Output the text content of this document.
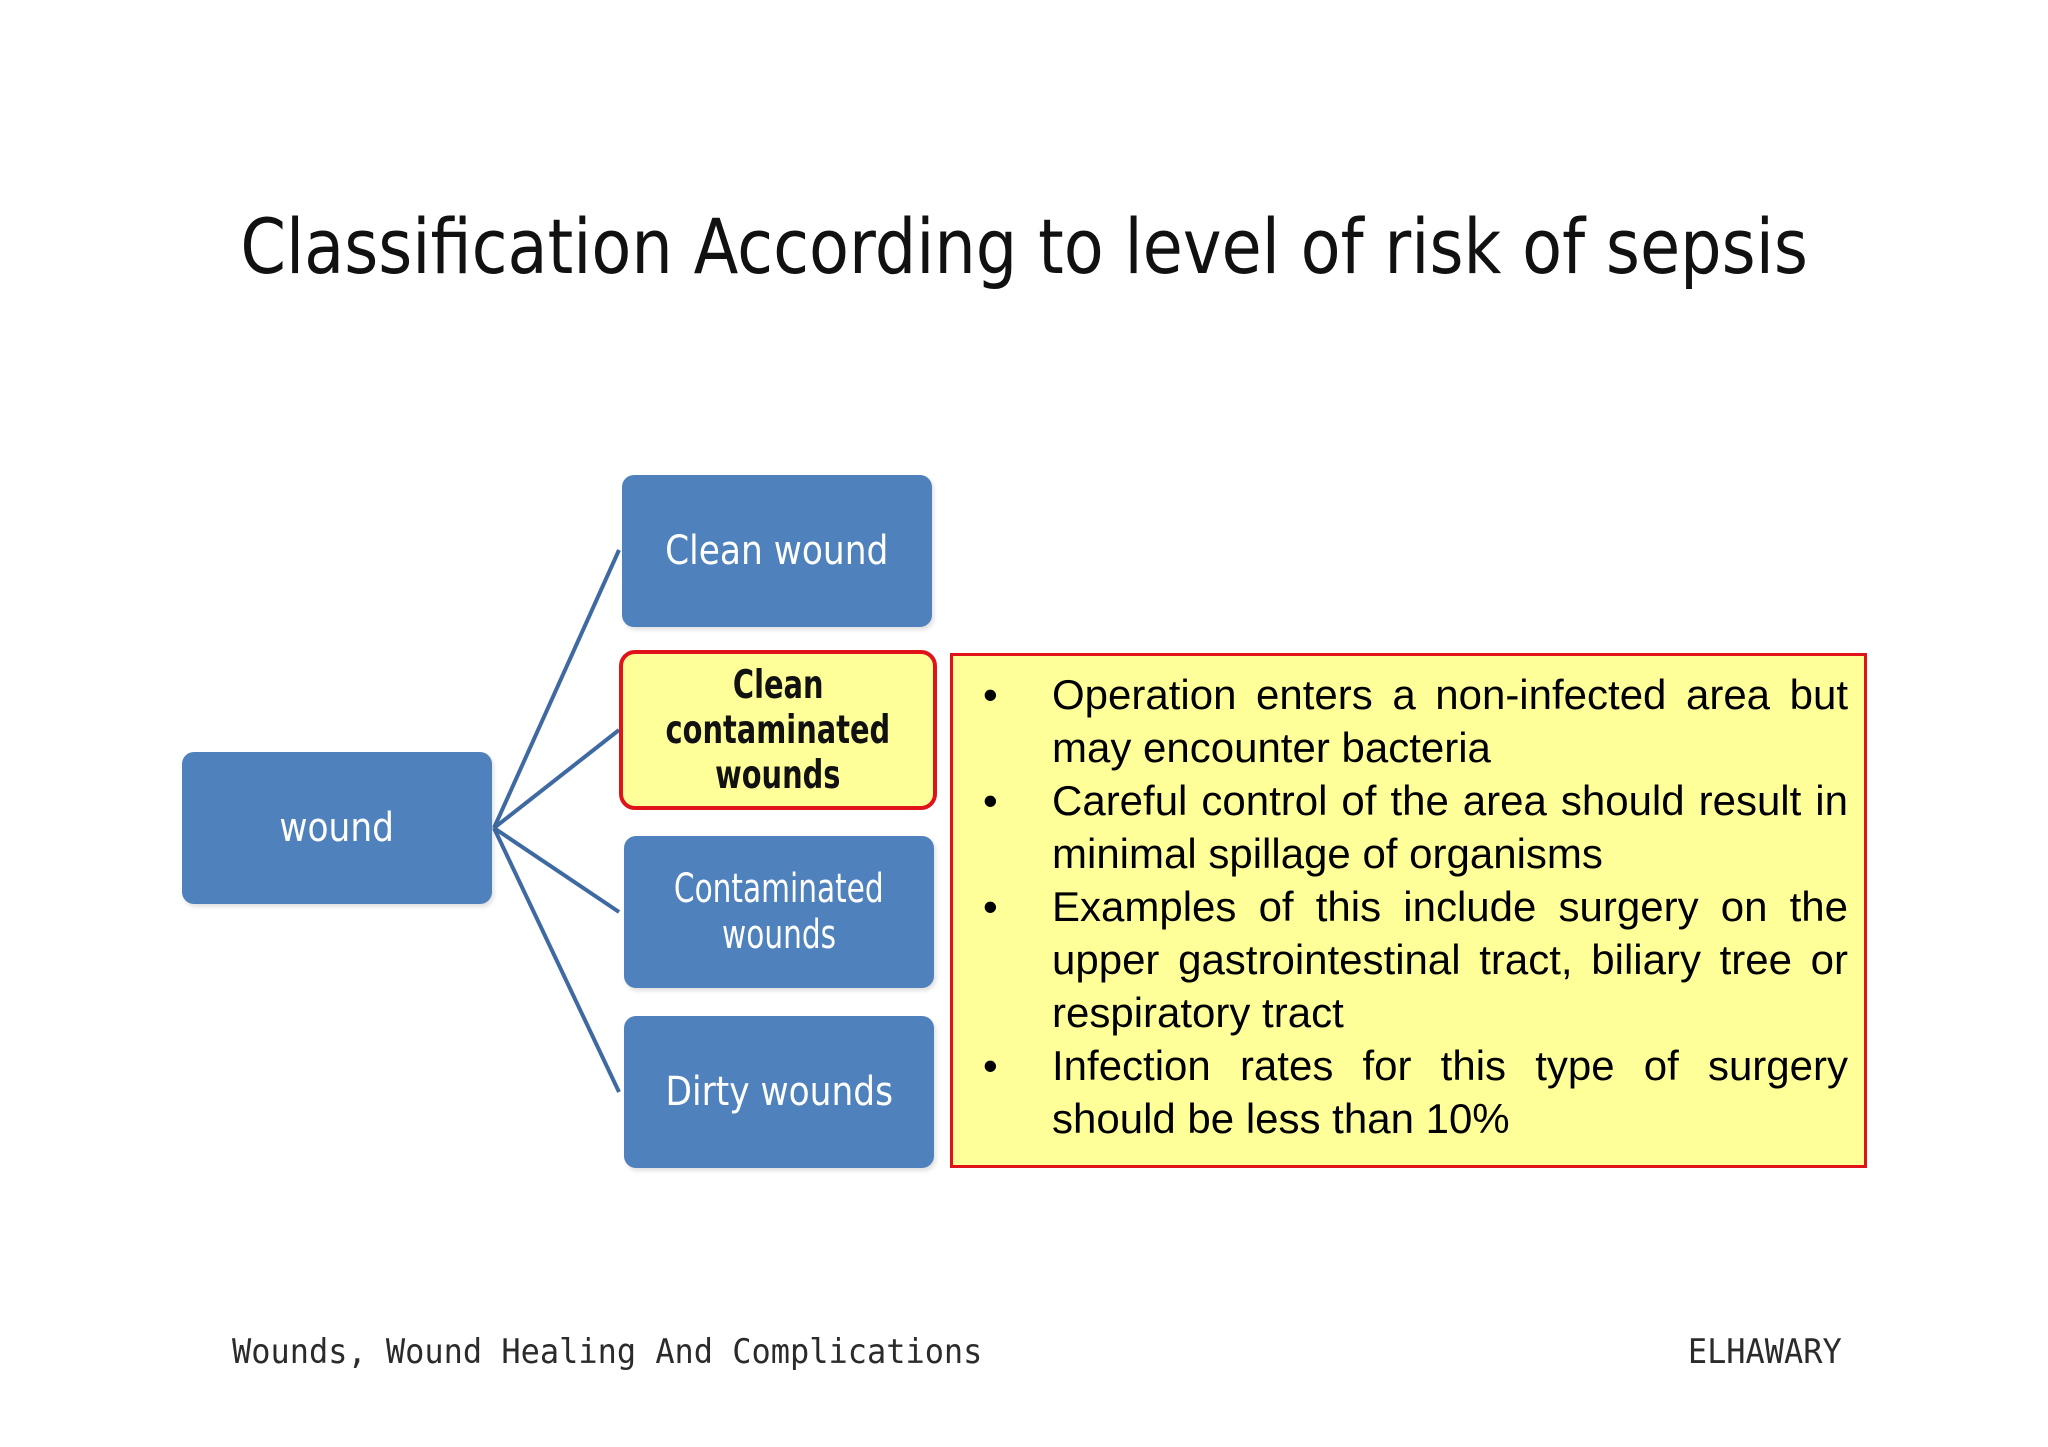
Classification According to level of risk of sepsis
wound
Clean wound
Clean
contaminated
wounds
Contaminated
wounds
Dirty wounds
• Operation enters a non-infected area but may encounter bacteria
• Careful control of the area should result in minimal spillage of organisms
• Examples of this include surgery on the upper gastrointestinal tract, biliary tree or respiratory tract
• Infection rates for this type of surgery should be less than 10%
Wounds, Wound Healing And Complications	ELHAWARY
